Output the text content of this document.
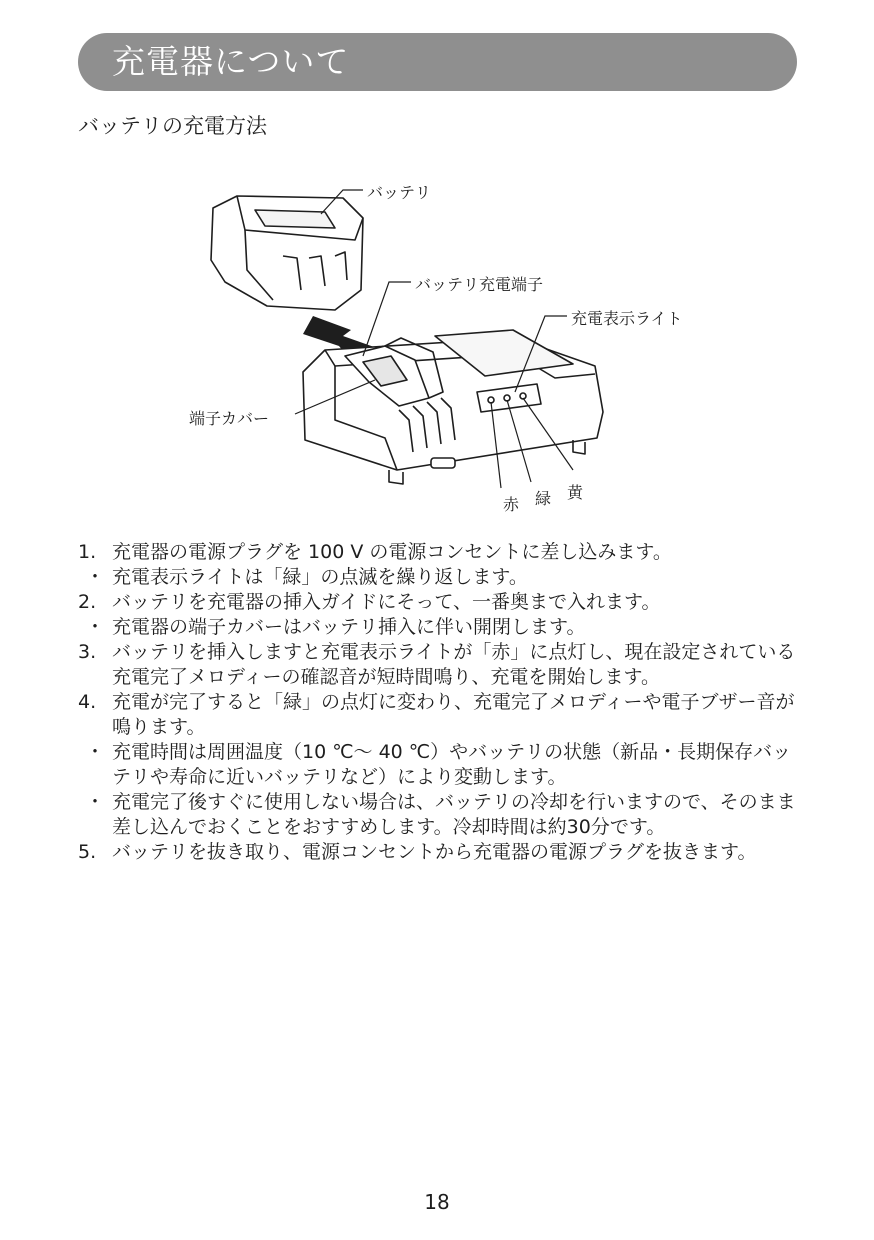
充電器について
バッテリの充電方法
バッテリ
バッテリ充電端子
充電表示ライト
端子カバー
赤 緑 黄
1. 充電器の電源プラグを 100 V の電源コンセントに差し込みます。
・ 充電表示ライトは「緑」の点滅を繰り返します。
2. バッテリを充電器の挿入ガイドにそって、一番奥まで入れます。
・ 充電器の端子カバーはバッテリ挿入に伴い開閉します。
3. バッテリを挿入しますと充電表示ライトが「赤」に点灯し、現在設定されている充電完了メロディーの確認音が短時間鳴り、充電を開始します。
4. 充電が完了すると「緑」の点灯に変わり、充電完了メロディーや電子ブザー音が鳴ります。
・ 充電時間は周囲温度（10 ℃～ 40 ℃）やバッテリの状態（新品・長期保存バッテリや寿命に近いバッテリなど）により変動します。
・ 充電完了後すぐに使用しない場合は、バッテリの冷却を行いますので、そのまま差し込んでおくことをおすすめします。冷却時間は約30分です。
5. バッテリを抜き取り、電源コンセントから充電器の電源プラグを抜きます。
18
